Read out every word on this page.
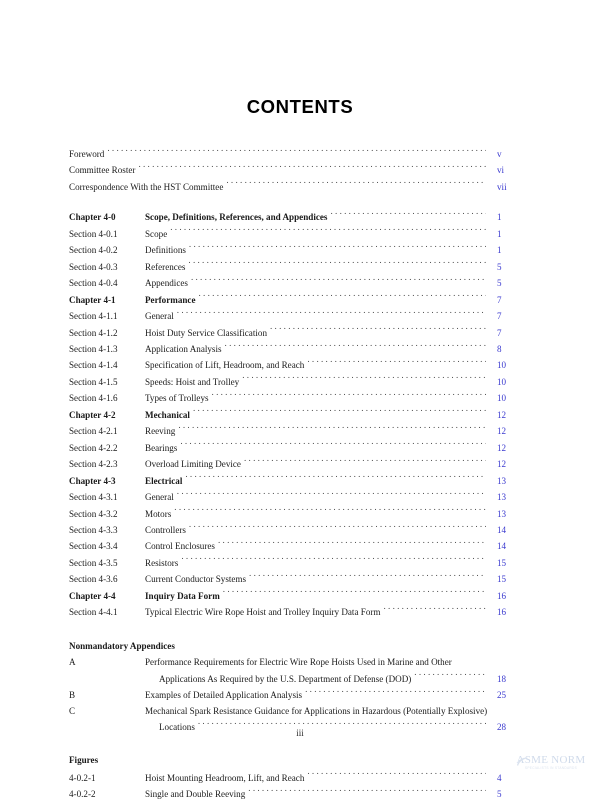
CONTENTS
Foreword . . .	v
Committee Roster . . .	vi
Correspondence With the HST Committee . . .	vii
Chapter 4-0	Scope, Definitions, References, and Appendices . . .	1
Section 4-0.1	Scope . . .	1
Section 4-0.2	Definitions . . .	1
Section 4-0.3	References . . .	5
Section 4-0.4	Appendices . . .	5
Chapter 4-1	Performance . . .	7
Section 4-1.1	General . . .	7
Section 4-1.2	Hoist Duty Service Classification . . .	7
Section 4-1.3	Application Analysis . . .	8
Section 4-1.4	Specification of Lift, Headroom, and Reach . . .	10
Section 4-1.5	Speeds: Hoist and Trolley . . .	10
Section 4-1.6	Types of Trolleys . . .	10
Chapter 4-2	Mechanical . . .	12
Section 4-2.1	Reeving . . .	12
Section 4-2.2	Bearings . . .	12
Section 4-2.3	Overload Limiting Device . . .	12
Chapter 4-3	Electrical . . .	13
Section 4-3.1	General . . .	13
Section 4-3.2	Motors . . .	13
Section 4-3.3	Controllers . . .	14
Section 4-3.4	Control Enclosures . . .	14
Section 4-3.5	Resistors . . .	15
Section 4-3.6	Current Conductor Systems . . .	15
Chapter 4-4	Inquiry Data Form . . .	16
Section 4-4.1	Typical Electric Wire Rope Hoist and Trolley Inquiry Data Form . . .	16
Nonmandatory Appendices
A	Performance Requirements for Electric Wire Rope Hoists Used in Marine and Other
Applications As Required by the U.S. Department of Defense (DOD) . . .	18
B	Examples of Detailed Application Analysis . . .	25
C	Mechanical Spark Resistance Guidance for Applications in Hazardous (Potentially Explosive)
Locations . . .	28
Figures
4-0.2-1	Hoist Mounting Headroom, Lift, and Reach . . .	4
4-0.2-2	Single and Double Reeving . . .	5
iii
ASME NORM
SPECIALISTS IN STANDARDS
